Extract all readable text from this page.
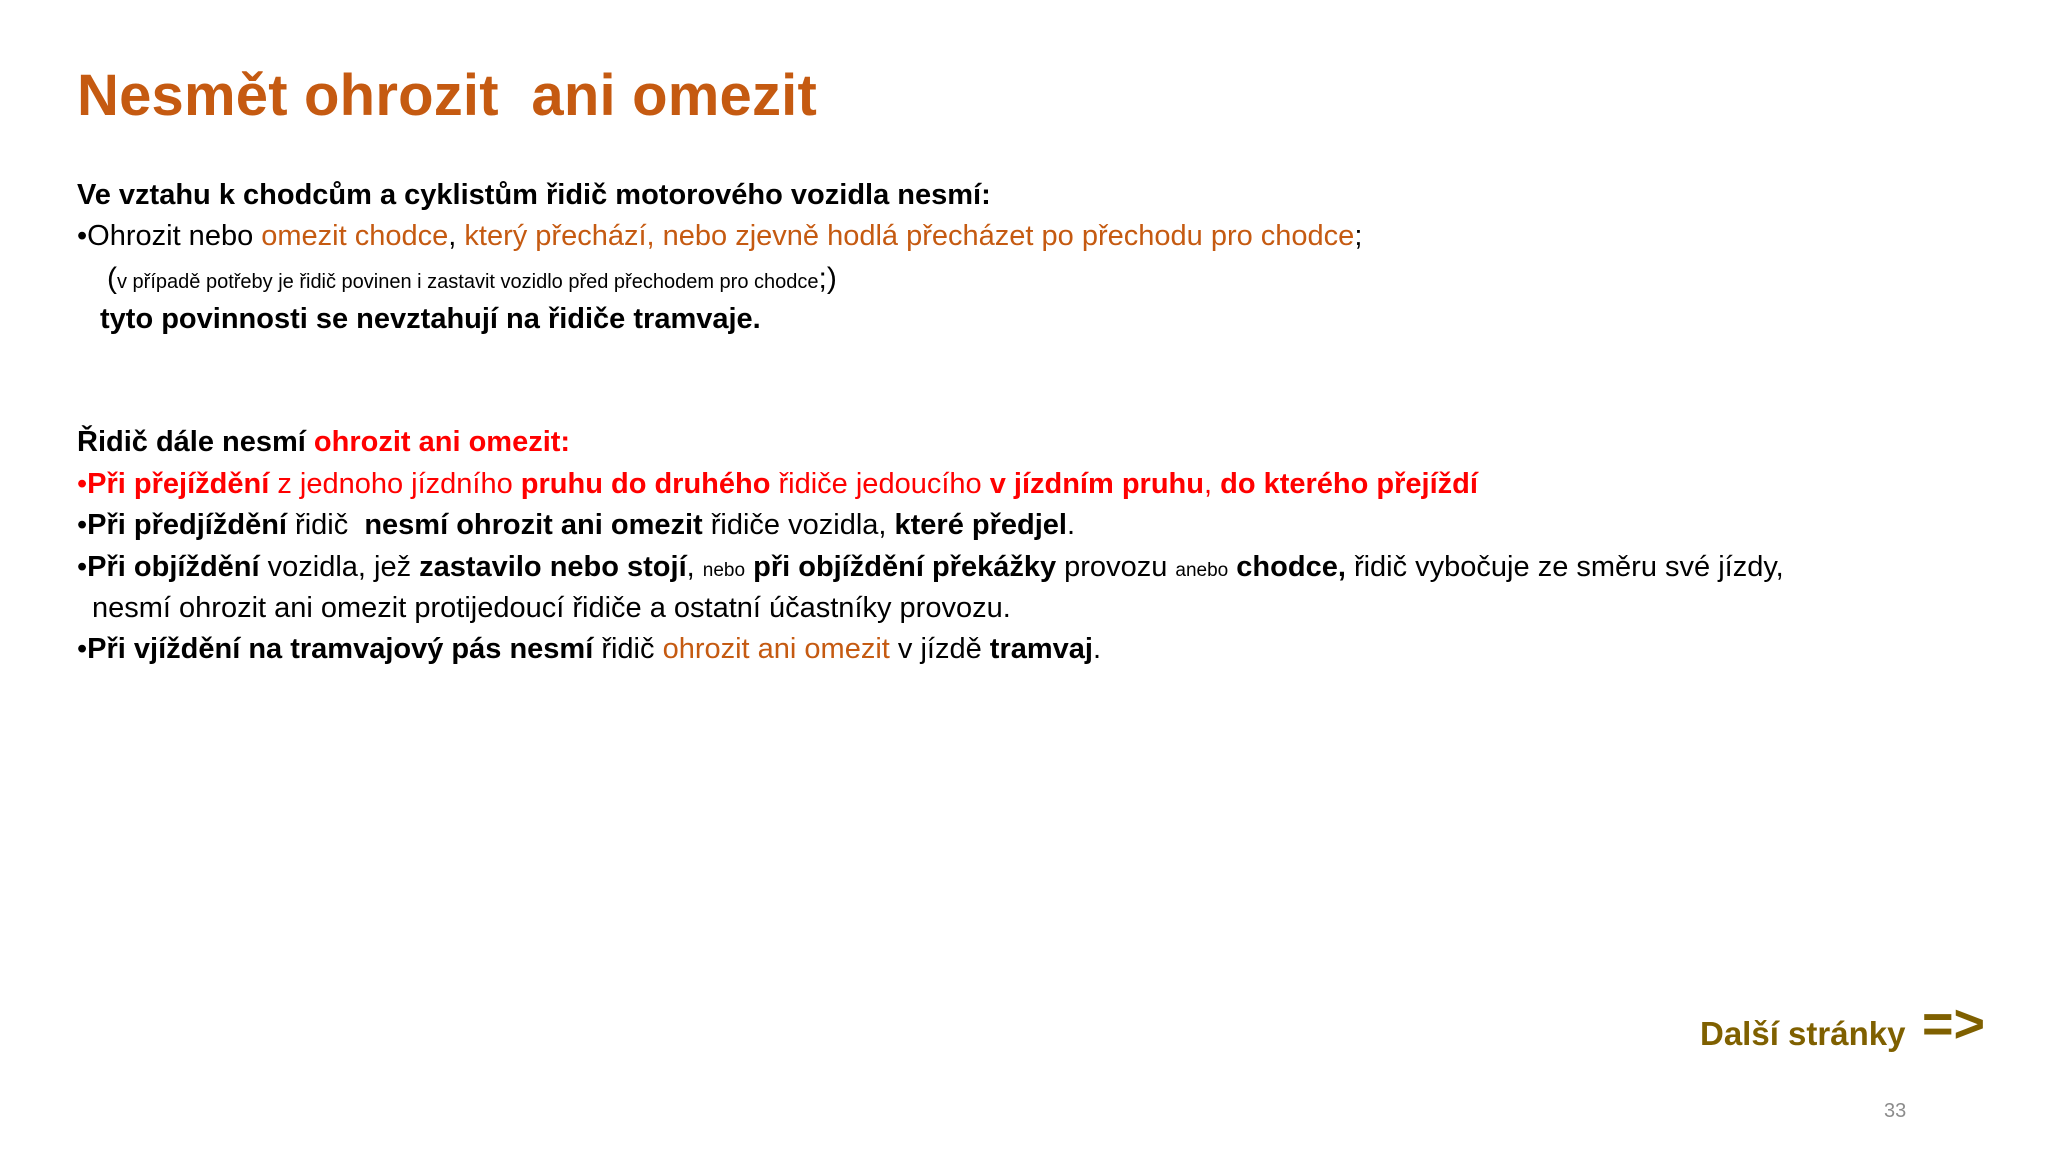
Nesmět ohrozit  ani omezit
Ve vztahu k chodcům a cyklistům řidič motorového vozidla nesmí:
•Ohrozit nebo omezit chodce, který přechází, nebo zjevně hodlá přecházet po přechodu pro chodce;
(v případě potřeby je řidič povinen i zastavit vozidlo před přechodem pro chodce;)
tyto povinnosti se nevztahují na řidiče tramvaje.
Řidič dále nesmí ohrozit ani omezit:
•Při přejíždění z jednoho jízdního pruhu do druhého řidiče jedoucího v jízdním pruhu, do kterého přejíždí
•Při předjíždění řidič  nesmí ohrozit ani omezit řidiče vozidla, které předjel.
•Při objíždění vozidla, jež zastavilo nebo stojí, nebo při objíždění překážky provozu anebo chodce, řidič vybočuje ze směru své jízdy,
nesmí ohrozit ani omezit protijedoucí řidiče a ostatní účastníky provozu.
•Při vjíždění na tramvajový pás nesmí řidič ohrozit ani omezit v jízdě tramvaj.
Další stránky =>
33
